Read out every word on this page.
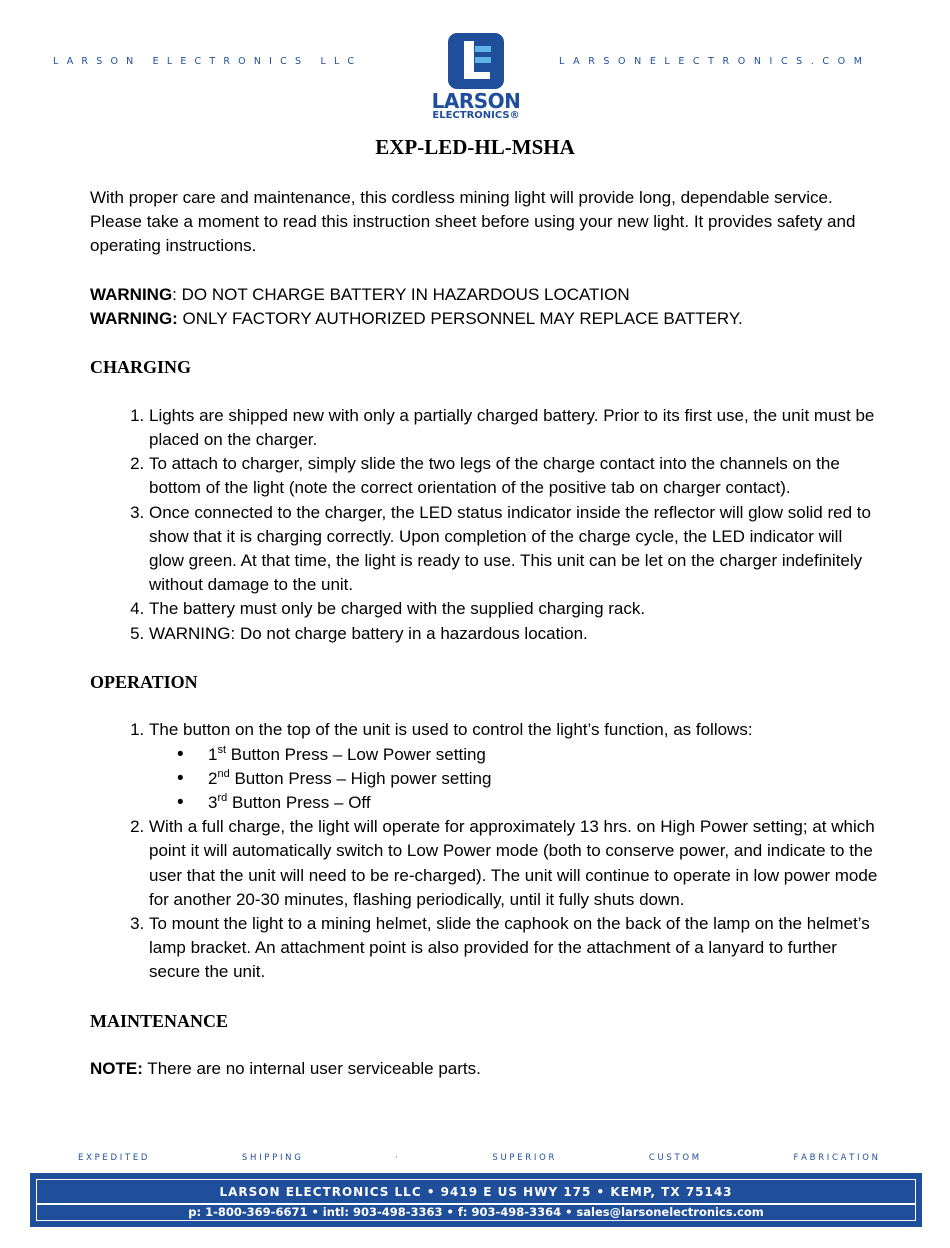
LARSON ELECTRONICS LLC	LARSONELECTRONICS.COM
LARSON
ELECTRONICS®
EXP-LED-HL-MSHA

With proper care and maintenance, this cordless mining light will provide long, dependable service. Please take a moment to read this instruction sheet before using your new light. It provides safety and operating instructions.

WARNING: DO NOT CHARGE BATTERY IN HAZARDOUS LOCATION

WARNING: ONLY FACTORY AUTHORIZED PERSONNEL MAY REPLACE BATTERY.

CHARGING

1. Lights are shipped new with only a partially charged battery. Prior to its first use, the unit must be placed on the charger.
2. To attach to charger, simply slide the two legs of the charge contact into the channels on the bottom of the light (note the correct orientation of the positive tab on charger contact).
3. Once connected to the charger, the LED status indicator inside the reflector will glow solid red to show that it is charging correctly. Upon completion of the charge cycle, the LED indicator will glow green. At that time, the light is ready to use. This unit can be let on the charger indefinitely without damage to the unit.
4. The battery must only be charged with the supplied charging rack.
5. WARNING: Do not charge battery in a hazardous location.

OPERATION

1. The button on the top of the unit is used to control the light’s function, as follows:
• 1st Button Press – Low Power setting
• 2nd Button Press – High power setting
• 3rd Button Press – Off
2. With a full charge, the light will operate for approximately 13 hrs. on High Power setting; at which point it will automatically switch to Low Power mode (both to conserve power, and indicate to the user that the unit will need to be re-charged). The unit will continue to operate in low power mode for another 20-30 minutes, flashing periodically, until it fully shuts down.
3. To mount the light to a mining helmet, slide the caphook on the back of the lamp on the helmet’s lamp bracket. An attachment point is also provided for the attachment of a lanyard to further secure the unit.

MAINTENANCE

NOTE: There are no internal user serviceable parts.

E X P E D I T E D	S H I P P I N G	·	S U P E R I O R	C U S T O M	F A B R I C A T I O N
LARSON ELECTRONICS LLC • 9419 E US HWY 175 • KEMP, TX 75143
p: 1-800-369-6671 • intl: 903-498-3363 • f: 903-498-3364 • sales@larsonelectronics.com
